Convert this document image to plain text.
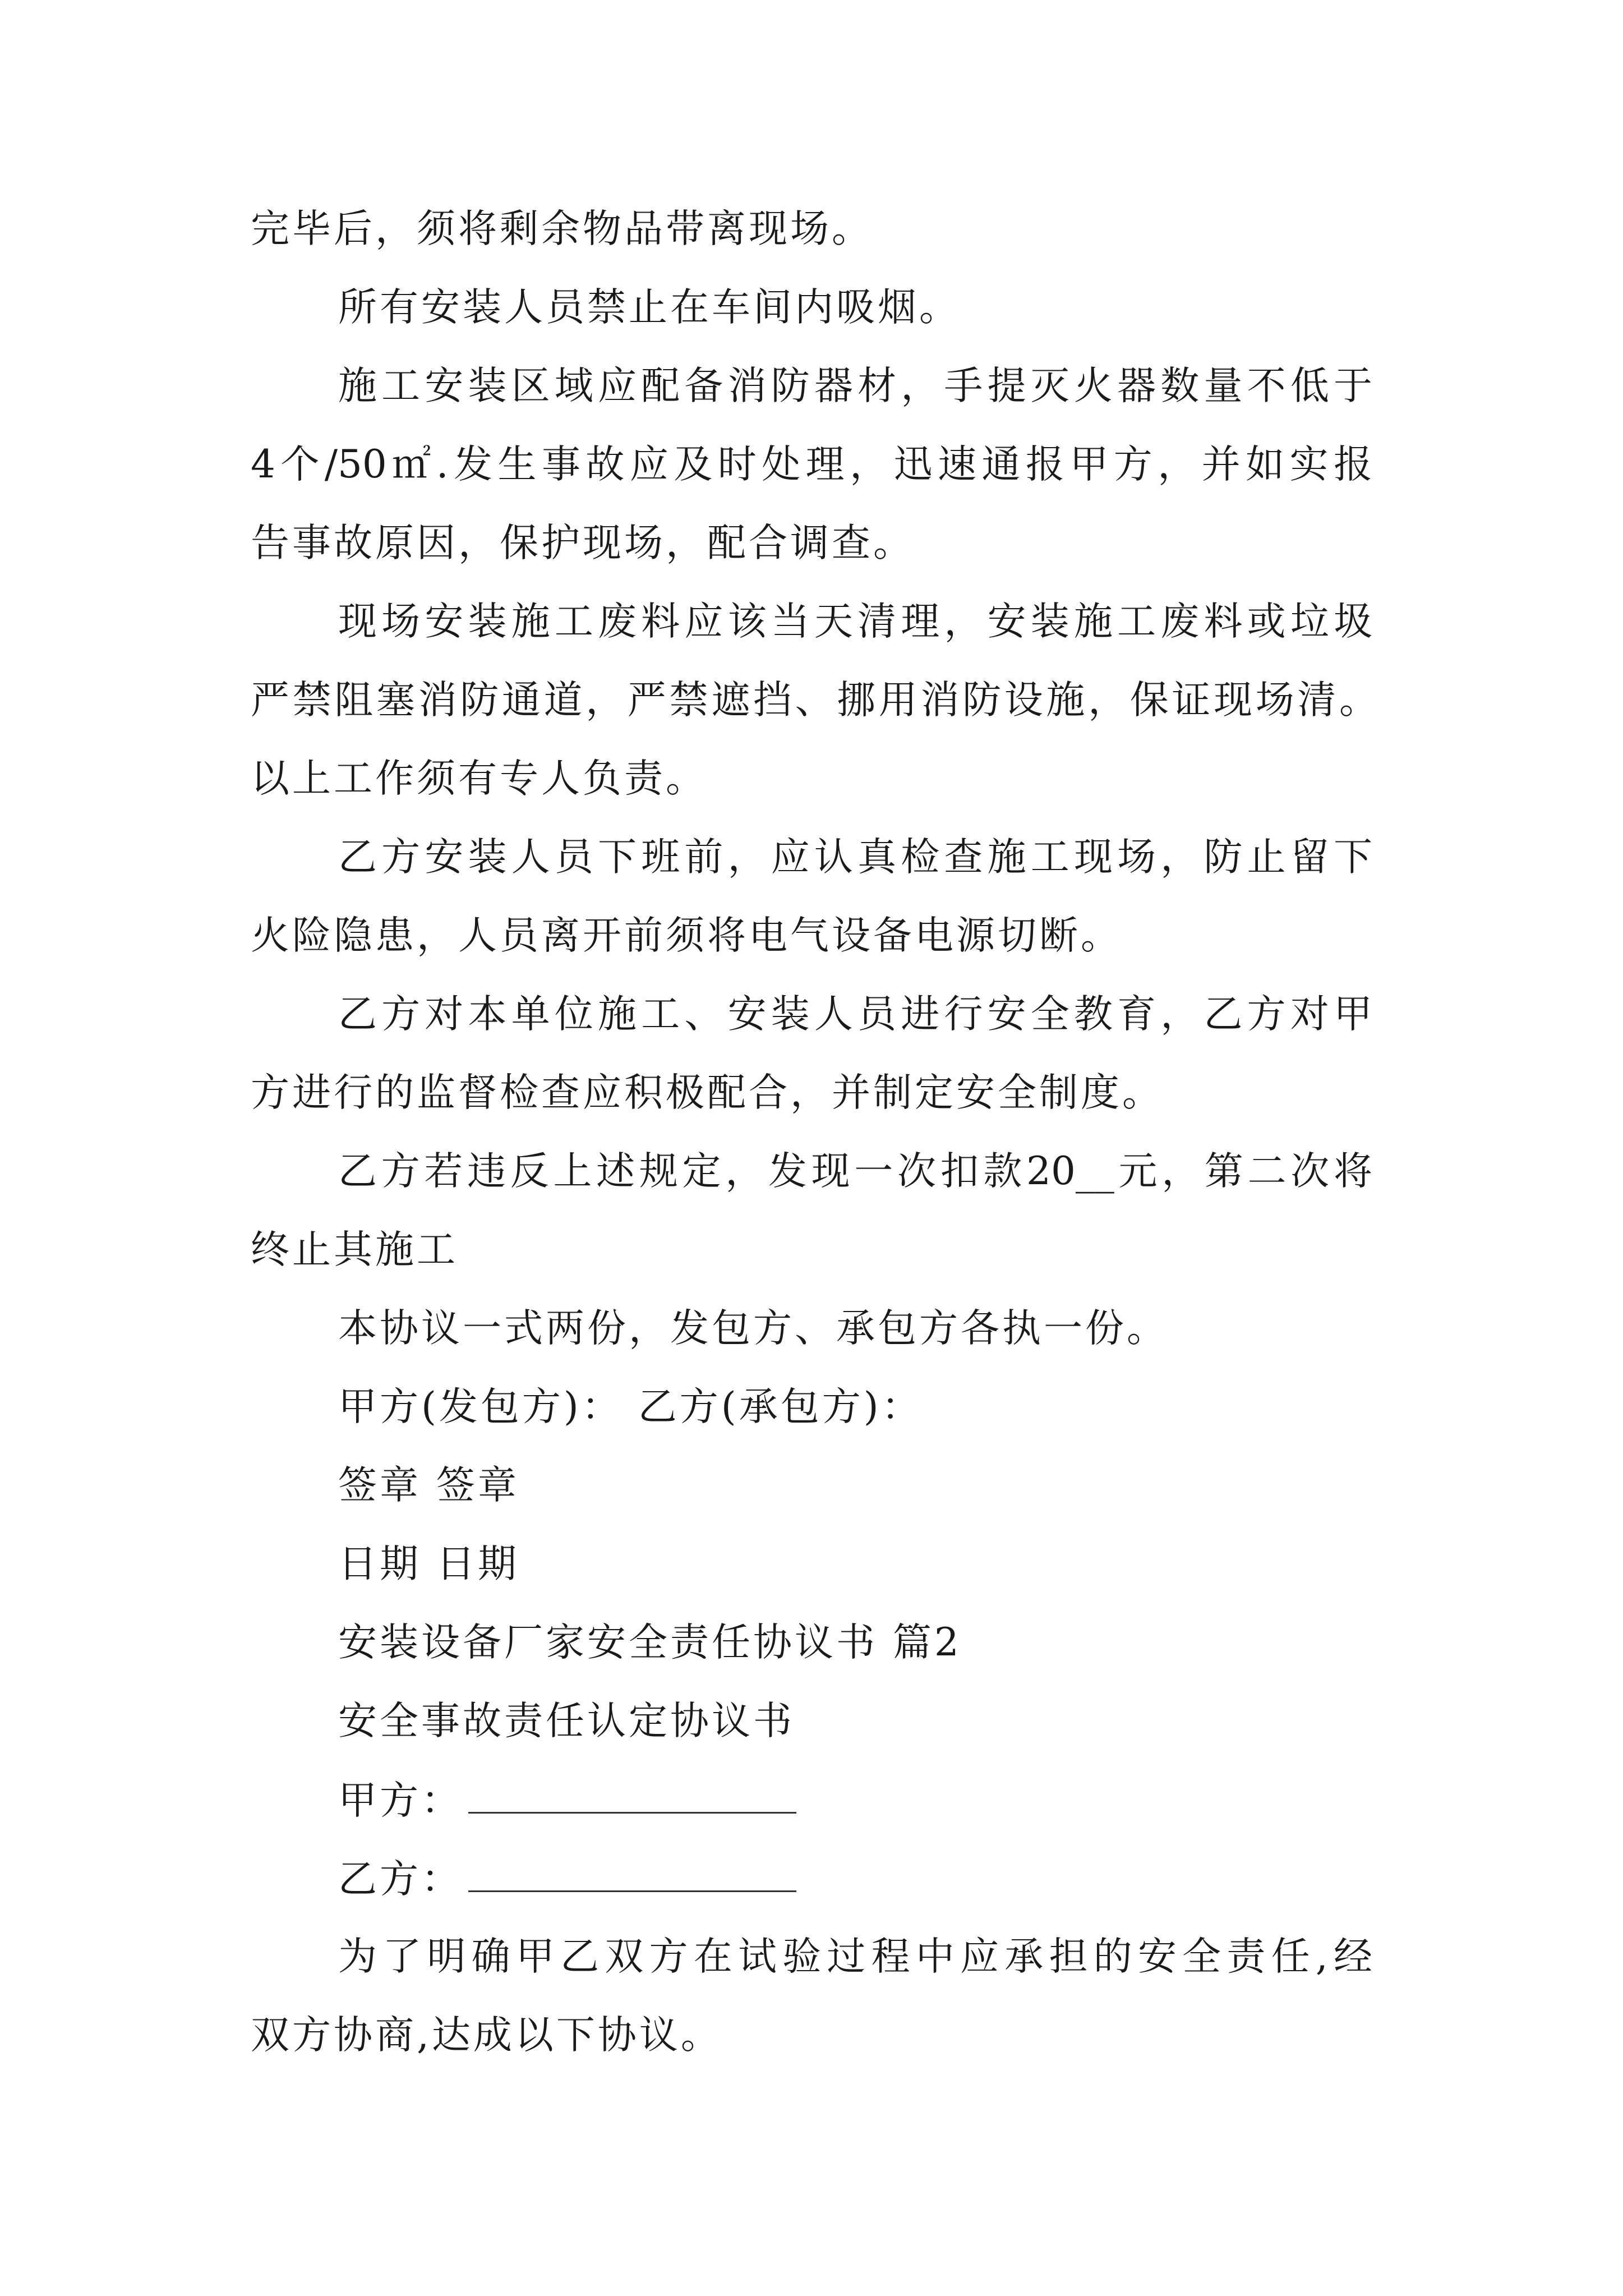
完毕后，须将剩余物品带离现场。
所有安装人员禁止在车间内吸烟。
施工安装区域应配备消防器材，手提灭火器数量不低于
4个/50㎡.发生事故应及时处理，迅速通报甲方，并如实报
告事故原因，保护现场，配合调查。
现场安装施工废料应该当天清理，安装施工废料或垃圾
严禁阻塞消防通道，严禁遮挡、挪用消防设施，保证现场清。
以上工作须有专人负责。
乙方安装人员下班前，应认真检查施工现场，防止留下
火险隐患，人员离开前须将电气设备电源切断。
乙方对本单位施工、安装人员进行安全教育，乙方对甲
方进行的监督检查应积极配合，并制定安全制度。
乙方若违反上述规定，发现一次扣款20__元，第二次将
终止其施工
本协议一式两份，发包方、承包方各执一份。
甲方(发包方)： 乙方(承包方)：
签章 签章
日期 日期
安装设备厂家安全责任协议书 篇2
安全事故责任认定协议书
甲方：
乙方：
为了明确甲乙双方在试验过程中应承担的安全责任,经
双方协商,达成以下协议。
